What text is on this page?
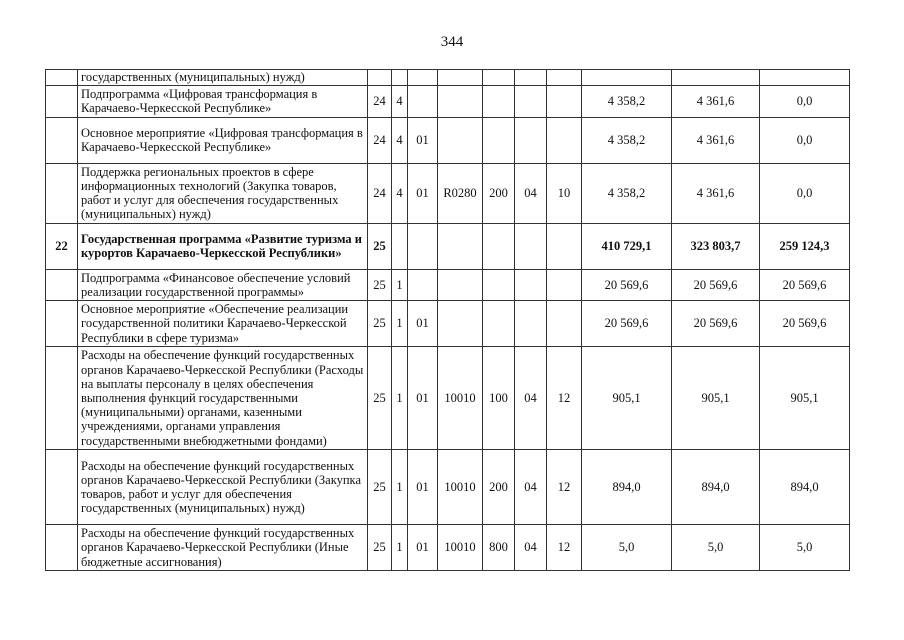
344
	государственных (муниципальных) нужд)										
	Подпрограмма «Цифровая трансформация в Карачаево-Черкесской Республике»	24	4						4 358,2	4 361,6	0,0
	Основное мероприятие «Цифровая трансформация в Карачаево-Черкесской Республике»	24	4	01					4 358,2	4 361,6	0,0
	Поддержка региональных проектов в сфере информационных технологий (Закупка товаров, работ и услуг для обеспечения государственных (муниципальных) нужд)	24	4	01	R0280	200	04	10	4 358,2	4 361,6	0,0
22	Государственная программа «Развитие туризма и курортов Карачаево-Черкесской Республики»	25							410 729,1	323 803,7	259 124,3
	Подпрограмма «Финансовое обеспечение условий реализации государственной программы»	25	1						20 569,6	20 569,6	20 569,6
	Основное мероприятие «Обеспечение реализации государственной политики Карачаево-Черкесской Республики в сфере туризма»	25	1	01					20 569,6	20 569,6	20 569,6
	Расходы на обеспечение функций государственных органов Карачаево-Черкесской Республики (Расходы на выплаты персоналу в целях обеспечения выполнения функций государственными (муниципальными) органами, казенными учреждениями, органами управления государственными внебюджетными фондами)	25	1	01	10010	100	04	12	905,1	905,1	905,1
	Расходы на обеспечение функций государственных органов Карачаево-Черкесской Республики (Закупка товаров, работ и услуг для обеспечения государственных (муниципальных) нужд)	25	1	01	10010	200	04	12	894,0	894,0	894,0
	Расходы на обеспечение функций государственных органов Карачаево-Черкесской Республики (Иные бюджетные ассигнования)	25	1	01	10010	800	04	12	5,0	5,0	5,0
